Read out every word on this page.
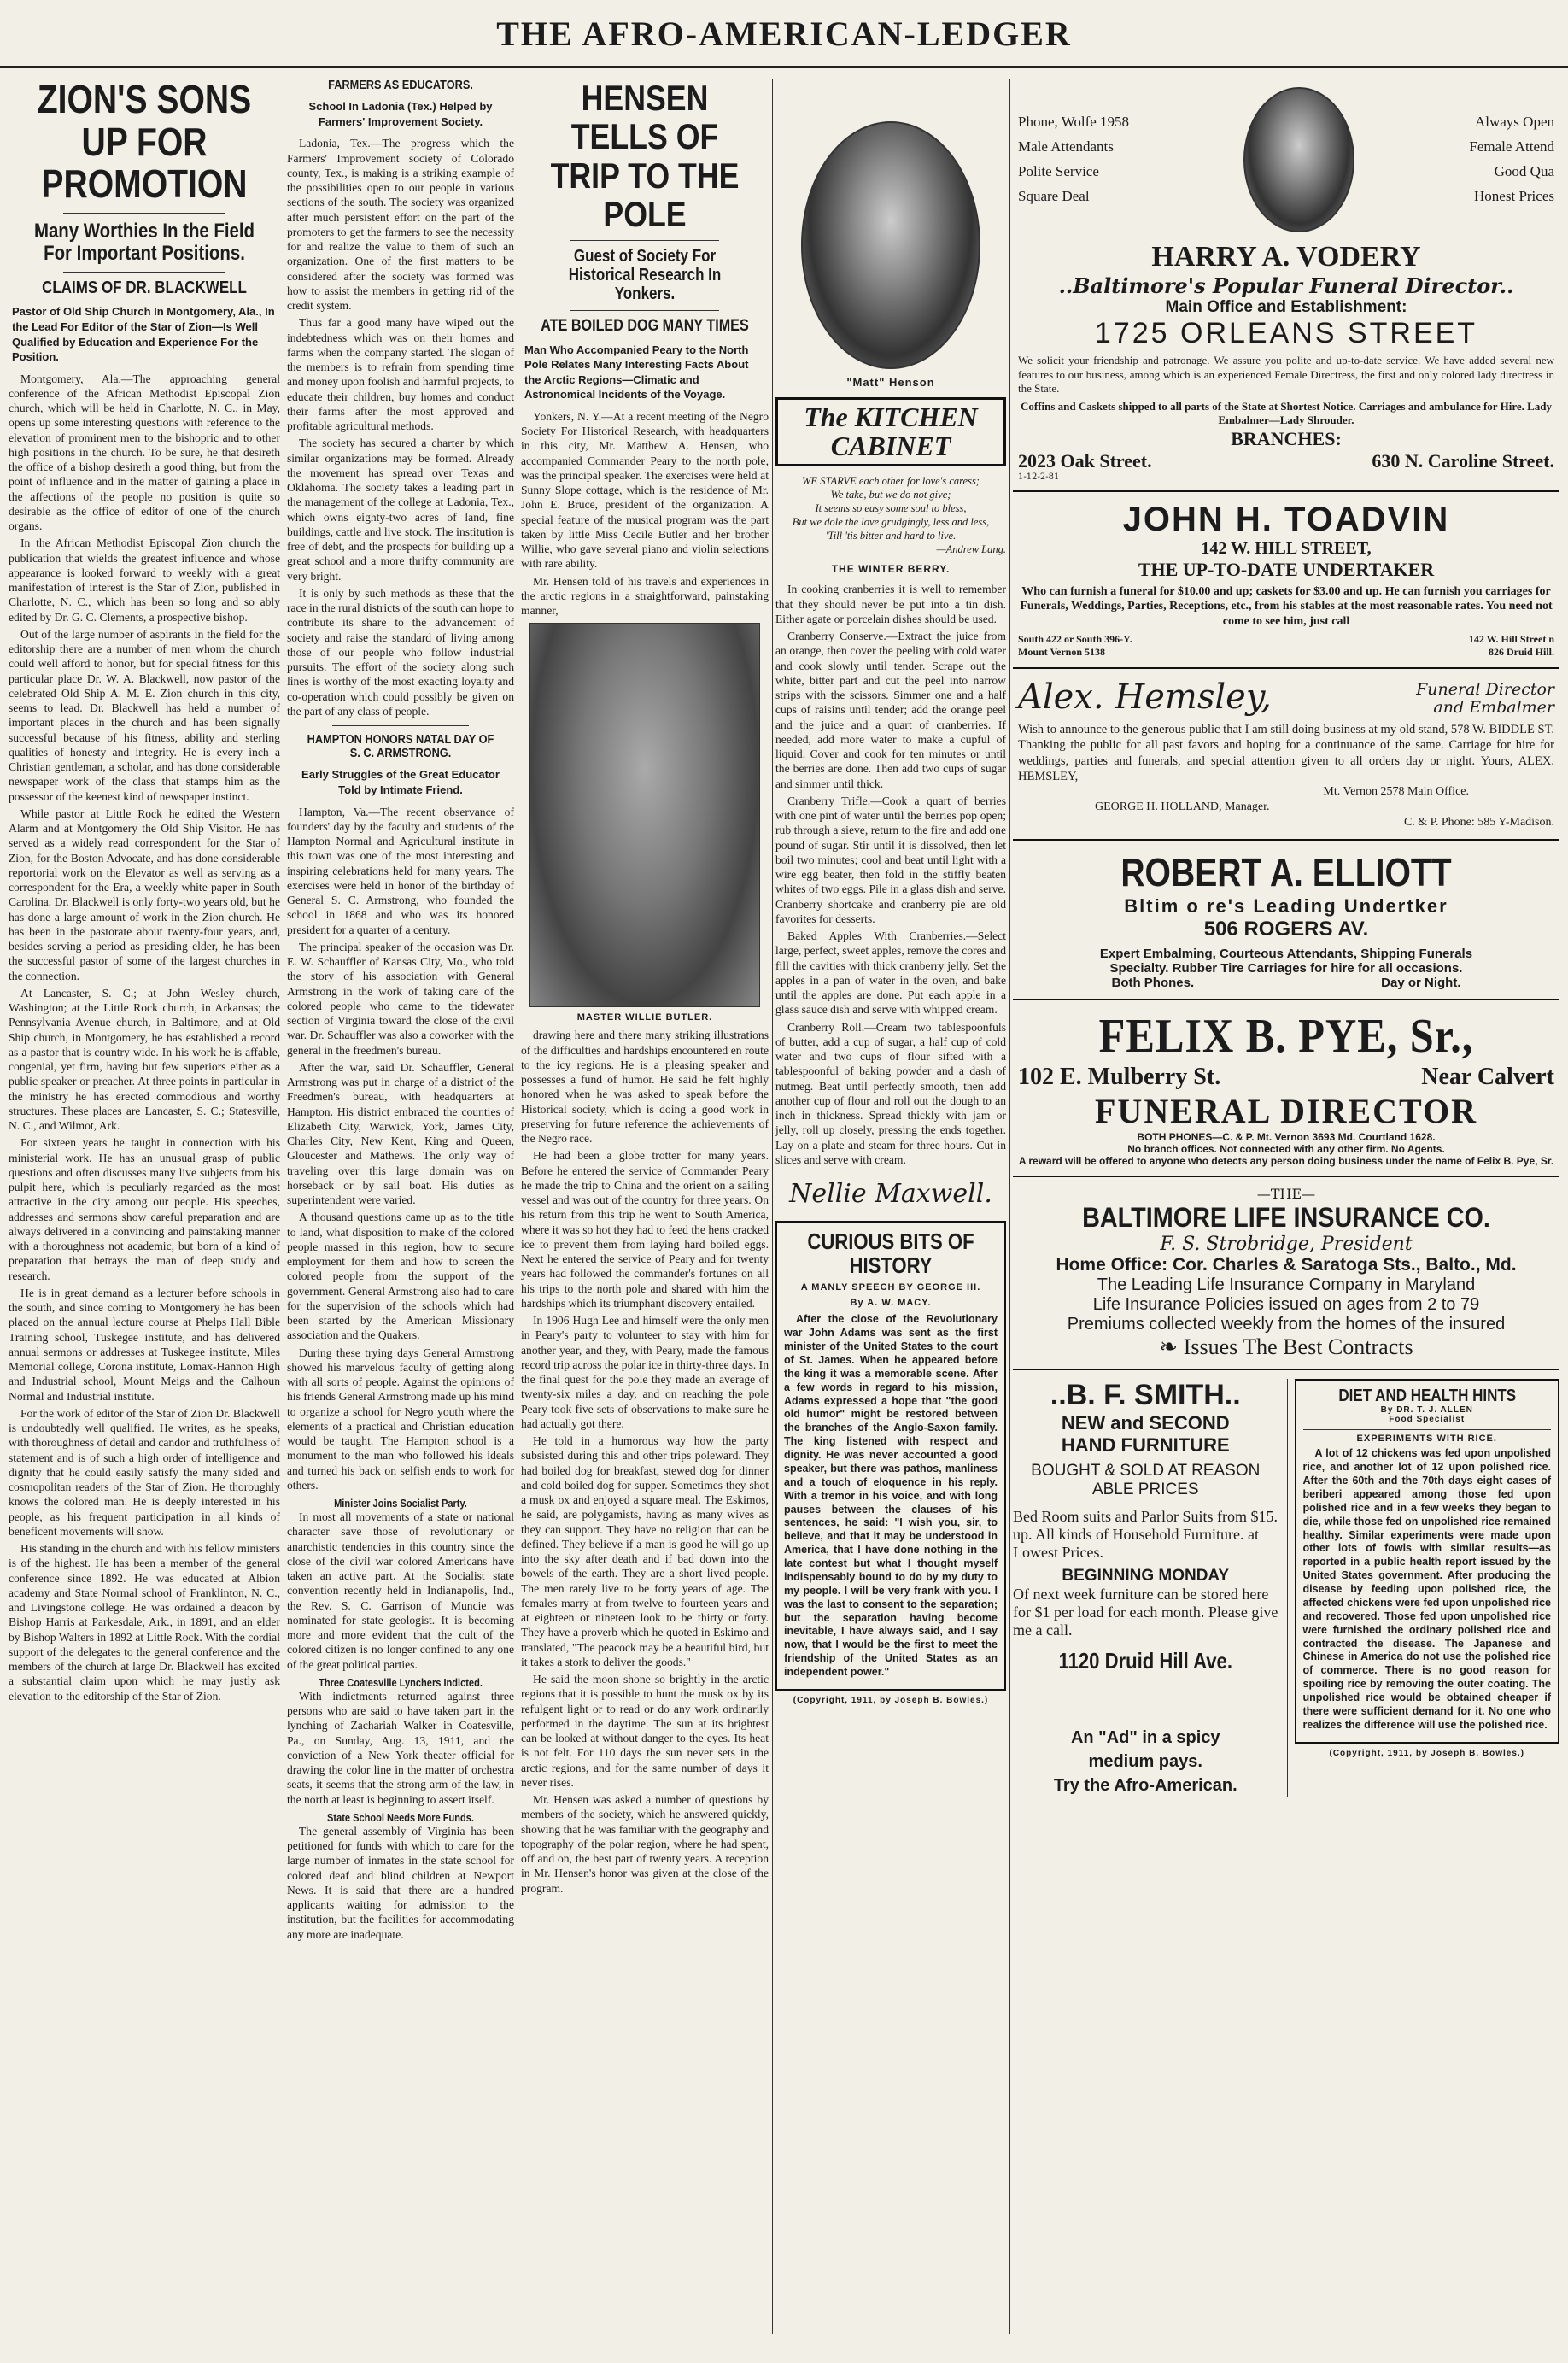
THE AFRO-AMERICAN-LEDGER
ZION'S SONS UP FOR PROMOTION
Many Worthies In the Field For Important Positions.
CLAIMS OF DR. BLACKWELL
Pastor of Old Ship Church In Montgomery, Ala., In the Lead For Editor of the Star of Zion—Is Well Qualified by Education and Experience For the Position.

Montgomery, Ala.—The approaching general conference of the African Methodist Episcopal Zion church, which will be held in Charlotte, N. C., in May, opens up some interesting questions with reference to the elevation of prominent men to the bishopric and to other high positions in the church. To be sure, he that desireth the office of a bishop desireth a good thing, but from the point of influence and in the matter of gaining a place in the affections of the people no position is quite so desirable as the office of editor of one of the church organs.

In the African Methodist Episcopal Zion church the publication that wields the greatest influence and whose appearance is looked forward to weekly with a great manifestation of interest is the Star of Zion, published in Charlotte, N. C., which has been so long and so ably edited by Dr. G. C. Clements, a prospective bishop.

Out of the large number of aspirants in the field for the editorship there are a number of men whom the church could well afford to honor, but for special fitness for this particular place Dr. W. A. Blackwell, now pastor of the celebrated Old Ship A. M. E. Zion church in this city, seems to lead. Dr. Blackwell has held a number of important places in the church and has been signally successful because of his fitness, ability and sterling qualities of honesty and integrity. He is every inch a Christian gentleman, a scholar, and has done considerable newspaper work of the class that stamps him as the possessor of the keenest kind of newspaper instinct.

While pastor at Little Rock he edited the Western Alarm and at Montgomery the Old Ship Visitor. He has served as a widely read correspondent for the Star of Zion, for the Boston Advocate, and has done considerable reportorial work on the Elevator as well as serving as a correspondent for the Era, a weekly white paper in South Carolina. Dr. Blackwell is only forty-two years old, but he has done a large amount of work in the Zion church. He has been in the pastorate about twenty-four years, and, besides serving a period as presiding elder, he has been the successful pastor of some of the largest churches in the connection.

At Lancaster, S. C.; at John Wesley church, Washington; at the Little Rock church, in Arkansas; the Pennsylvania Avenue church, in Baltimore, and at Old Ship church, in Montgomery, he has established a record as a pastor that is country wide. In his work he is affable, congenial, yet firm, having but few superiors either as a public speaker or preacher. At three points in particular in the ministry he has erected commodious and worthy structures. These places are Lancaster, S. C.; Statesville, N. C., and Wilmot, Ark.

For sixteen years he taught in connection with his ministerial work. He has an unusual grasp of public questions and often discusses many live subjects from his pulpit here, which is peculiarly regarded as the most attractive in the city among our people. His speeches, addresses and sermons show careful preparation and are always delivered in a convincing and painstaking manner with a thoroughness not academic, but born of a kind of preparation that betrays the man of deep study and research.

He is in great demand as a lecturer before schools in the south, and since coming to Montgomery he has been placed on the annual lecture course at Phelps Hall Bible Training school, Tuskegee institute, and has delivered annual sermons or addresses at Tuskegee institute, Miles Memorial college, Corona institute, Lomax-Hannon High and Industrial school, Mount Meigs and the Calhoun Normal and Industrial institute.

For the work of editor of the Star of Zion Dr. Blackwell is undoubtedly well qualified. He writes, as he speaks, with thoroughness of detail and candor and truthfulness of statement and is of such a high order of intelligence and dignity that he could easily satisfy the many sided and cosmopolitan readers of the Star of Zion. He thoroughly knows the colored man. He is deeply interested in his people, as his frequent participation in all kinds of beneficent movements will show.

His standing in the church and with his fellow ministers is of the highest. He has been a member of the general conference since 1892. He was educated at Albion academy and State Normal school of Franklinton, N. C., and Livingstone college. He was ordained a deacon by Bishop Harris at Parkesdale, Ark., in 1891, and an elder by Bishop Walters in 1892 at Little Rock. With the cordial support of the delegates to the general conference and the members of the church at large Dr. Blackwell has excited a substantial claim upon which he may justly ask elevation to the editorship of the Star of Zion.

FARMERS AS EDUCATORS.
School In Ladonia (Tex.) Helped by Farmers' Improvement Society.

Ladonia, Tex.—The progress which the Farmers' Improvement society of Colorado county, Tex., is making is a striking example of the possibilities open to our people in various sections of the south. The society was organized after much persistent effort on the part of the promoters to get the farmers to see the necessity for and realize the value to them of such an organization. One of the first matters to be considered after the society was formed was how to assist the members in getting rid of the credit system.

Thus far a good many have wiped out the indebtedness which was on their homes and farms when the company started. The slogan of the members is to refrain from spending time and money upon foolish and harmful projects, to educate their children, buy homes and conduct their farms after the most approved and profitable agricultural methods.

The society has secured a charter by which similar organizations may be formed. Already the movement has spread over Texas and Oklahoma. The society takes a leading part in the management of the college at Ladonia, Tex., which owns eighty-two acres of land, fine buildings, cattle and live stock. The institution is free of debt, and the prospects for building up a great school and a more thrifty community are very bright.

It is only by such methods as these that the race in the rural districts of the south can hope to contribute its share to the advancement of society and raise the standard of living among those of our people who follow industrial pursuits. The effort of the society along such lines is worthy of the most exacting loyalty and co-operation which could possibly be given on the part of any class of people.

HAMPTON HONORS NATAL DAY OF S. C. ARMSTRONG.
Early Struggles of the Great Educator Told by Intimate Friend.

Hampton, Va.—The recent observance of founders' day by the faculty and students of the Hampton Normal and Agricultural institute in this town was one of the most interesting and inspiring celebrations held for many years. The exercises were held in honor of the birthday of General S. C. Armstrong, who founded the school in 1868 and who was its honored president for a quarter of a century.

The principal speaker of the occasion was Dr. E. W. Schauffler of Kansas City, Mo., who told the story of his association with General Armstrong in the work of taking care of the colored people who came to the tidewater section of Virginia toward the close of the civil war. Dr. Schauffler was also a coworker with the general in the freedmen's bureau.

After the war, said Dr. Schauffler, General Armstrong was put in charge of a district of the Freedmen's bureau, with headquarters at Hampton. His district embraced the counties of Elizabeth City, Warwick, York, James City, Charles City, New Kent, King and Queen, Gloucester and Mathews. The only way of traveling over this large domain was on horseback or by sail boat. His duties as superintendent were varied.

A thousand questions came up as to the title to land, what disposition to make of the colored people massed in this region, how to secure employment for them and how to screen the colored people from the support of the government. General Armstrong also had to care for the supervision of the schools which had been started by the American Missionary association and the Quakers.

During these trying days General Armstrong showed his marvelous faculty of getting along with all sorts of people. Against the opinions of his friends General Armstrong made up his mind to organize a school for Negro youth where the elements of a practical and Christian education would be taught. The Hampton school is a monument to the man who followed his ideals and turned his back on selfish ends to work for others.

Minister Joins Socialist Party.

In most all movements of a state or national character save those of revolutionary or anarchistic tendencies in this country since the close of the civil war colored Americans have taken an active part. At the Socialist state convention recently held in Indianapolis, Ind., the Rev. S. C. Garrison of Muncie was nominated for state geologist. It is becoming more and more evident that the cult of the colored citizen is no longer confined to any one of the great political parties.

Three Coatesville Lynchers Indicted.

With indictments returned against three persons who are said to have taken part in the lynching of Zachariah Walker in Coatesville, Pa., on Sunday, Aug. 13, 1911, and the conviction of a New York theater official for drawing the color line in the matter of orchestra seats, it seems that the strong arm of the law, in the north at least is beginning to assert itself.

State School Needs More Funds.

The general assembly of Virginia has been petitioned for funds with which to care for the large number of inmates in the state school for colored deaf and blind children at Newport News. It is said that there are a hundred applicants waiting for admission to the institution, but the facilities for accommodating any more are inadequate.

HENSEN TELLS OF TRIP TO THE POLE
Guest of Society For Historical Research In Yonkers.
ATE BOILED DOG MANY TIMES
Man Who Accompanied Peary to the North Pole Relates Many Interesting Facts About the Arctic Regions—Climatic and Astronomical Incidents of the Voyage.

Yonkers, N. Y.—At a recent meeting of the Negro Society For Historical Research, with headquarters in this city, Mr. Matthew A. Hensen, who accompanied Commander Peary to the north pole, was the principal speaker. The exercises were held at Sunny Slope cottage, which is the residence of Mr. John E. Bruce, president of the organization. A special feature of the musical program was the part taken by little Miss Cecile Butler and her brother Willie, who gave several piano and violin selections with rare ability.

Mr. Hensen told of his travels and experiences in the arctic regions in a straightforward, painstaking manner,

MASTER WILLIE BUTLER.

drawing here and there many striking illustrations of the difficulties and hardships encountered en route to the icy regions. He is a pleasing speaker and possesses a fund of humor. He said he felt highly honored when he was asked to speak before the Historical society, which is doing a good work in preserving for future reference the achievements of the Negro race.

He had been a globe trotter for many years. Before he entered the service of Commander Peary he made the trip to China and the orient on a sailing vessel and was out of the country for three years. On his return from this trip he went to South America, where it was so hot they had to feed the hens cracked ice to prevent them from laying hard boiled eggs. Next he entered the service of Peary and for twenty years had followed the commander's fortunes on all his trips to the north pole and shared with him the hardships which its triumphant discovery entailed.

In 1906 Hugh Lee and himself were the only men in Peary's party to volunteer to stay with him for another year, and they, with Peary, made the famous record trip across the polar ice in thirty-three days. In the final quest for the pole they made an average of twenty-six miles a day, and on reaching the pole Peary took five sets of observations to make sure he had actually got there.

He told in a humorous way how the party subsisted during this and other trips poleward. They had boiled dog for breakfast, stewed dog for dinner and cold boiled dog for supper. Sometimes they shot a musk ox and enjoyed a square meal. The Eskimos, he said, are polygamists, having as many wives as they can support. They have no religion that can be defined. They believe if a man is good he will go up into the sky after death and if bad down into the bowels of the earth. They are a short lived people. The men rarely live to be forty years of age. The females marry at from twelve to fourteen years and at eighteen or nineteen look to be thirty or forty. They have a proverb which he quoted in Eskimo and translated, "The peacock may be a beautiful bird, but it takes a stork to deliver the goods."

He said the moon shone so brightly in the arctic regions that it is possible to hunt the musk ox by its refulgent light or to read or do any work ordinarily performed in the daytime. The sun at its brightest can be looked at without danger to the eyes. Its heat is not felt. For 110 days the sun never sets in the arctic regions, and for the same number of days it never rises.

Mr. Hensen was asked a number of questions by members of the society, which he answered quickly, showing that he was familiar with the geography and topography of the polar region, where he had spent, off and on, the best part of twenty years. A reception in Mr. Hensen's honor was given at the close of the program.

"Matt" Henson
The KITCHEN
CABINET
WE STARVE each other for love's caress;
We take, but we do not give;
It seems so easy some soul to bless,
But we dole the love grudgingly, less and less,
'Till 'tis bitter and hard to live.
—Andrew Lang.
THE WINTER BERRY.

In cooking cranberries it is well to remember that they should never be put into a tin dish. Either agate or porcelain dishes should be used.

Cranberry Conserve.—Extract the juice from an orange, then cover the peeling with cold water and cook slowly until tender. Scrape out the white, bitter part and cut the peel into narrow strips with the scissors. Simmer one and a half cups of raisins until tender; add the orange peel and the juice and a quart of cranberries. If needed, add more water to make a cupful of liquid. Cover and cook for ten minutes or until the berries are done. Then add two cups of sugar and simmer until thick.

Cranberry Trifle.—Cook a quart of berries with one pint of water until the berries pop open; rub through a sieve, return to the fire and add one pound of sugar. Stir until it is dissolved, then let boil two minutes; cool and beat until light with a wire egg beater, then fold in the stiffly beaten whites of two eggs. Pile in a glass dish and serve. Cranberry shortcake and cranberry pie are old favorites for desserts.

Baked Apples With Cranberries.—Select large, perfect, sweet apples, remove the cores and fill the cavities with thick cranberry jelly. Set the apples in a pan of water in the oven, and bake until the apples are done. Put each apple in a glass sauce dish and serve with whipped cream.

Cranberry Roll.—Cream two tablespoonfuls of butter, add a cup of sugar, a half cup of cold water and two cups of flour sifted with a tablespoonful of baking powder and a dash of nutmeg. Beat until perfectly smooth, then add another cup of flour and roll out the dough to an inch in thickness. Spread thickly with jam or jelly, roll up closely, pressing the ends together. Lay on a plate and steam for three hours. Cut in slices and serve with cream.

Nellie Maxwell.
CURIOUS BITS OF HISTORY
A MANLY SPEECH BY GEORGE III.
By A. W. MACY.

After the close of the Revolutionary war John Adams was sent as the first minister of the United States to the court of St. James. When he appeared before the king it was a memorable scene. After a few words in regard to his mission, Adams expressed a hope that "the good old humor" might be restored between the branches of the Anglo-Saxon family. The king listened with respect and dignity. He was never accounted a good speaker, but there was pathos, manliness and a touch of eloquence in his reply. With a tremor in his voice, and with long pauses between the clauses of his sentences, he said: "I wish you, sir, to believe, and that it may be understood in America, that I have done nothing in the late contest but what I thought myself indispensably bound to do by my duty to my people. I will be very frank with you. I was the last to consent to the separation; but the separation having become inevitable, I have always said, and I say now, that I would be the first to meet the friendship of the United States as an independent power."

(Copyright, 1911, by Joseph B. Bowles.)
Phone, Wolfe 1958
Male Attendants
Polite Service
Square Deal
Always Open
Female Attend
Good Qua
Honest Prices
HARRY A. VODERY
..Baltimore's Popular Funeral Director..
Main Office and Establishment:
1725 ORLEANS STREET
We solicit your friendship and patronage. We assure you polite and up-to-date service. We have added several new features to our business, among which is an experienced Female Directress, the first and only colored lady directress in the State.
Coffins and Caskets shipped to all parts of the State at Shortest Notice. Carriages and ambulance for Hire. Lady Embalmer—Lady Shrouder.
BRANCHES:
2023 Oak Street.	630 N. Caroline Street.
1-12-2-81
JOHN H. TOADVIN
142 W. HILL STREET,
THE UP-TO-DATE UNDERTAKER
Who can furnish a funeral for $10.00 and up; caskets for $3.00 and up. He can furnish you carriages for Funerals, Weddings, Parties, Receptions, etc., from his stables at the most reasonable rates. You need not come to see him, just call
South 422 or South 396-Y.
Mount Vernon 5138
142 W. Hill Street n
826 Druid Hill.
Alex. Hemsley,	Funeral Director
and Embalmer
Wish to announce to the generous public that I am still doing business at my old stand, 578 W. BIDDLE ST. Thanking the public for all past favors and hoping for a continuance of the same. Carriage for hire for weddings, parties and funerals, and special attention given to all orders day or night. Yours, ALEX. HEMSLEY,
Mt. Vernon 2578 Main Office.
GEORGE H. HOLLAND, Manager.
C. & P. Phone: 585 Y-Madison.
ROBERT A. ELLIOTT
Bltim o re's Leading Undertker
506 ROGERS AV.
Expert Embalming, Courteous Attendants, Shipping Funerals
Specialty. Rubber Tire Carriages for hire for all occasions.
Both Phones.	Day or Night.
FELIX B. PYE, Sr.,
102 E. Mulberry St.	Near Calvert
FUNERAL DIRECTOR
BOTH PHONES—C. & P. Mt. Vernon 3693 Md. Courtland 1628.
No branch offices. Not connected with any other firm. No Agents.
A reward will be offered to anyone who detects any person doing business under the name of Felix B. Pye, Sr.
—THE—
BALTIMORE LIFE INSURANCE CO.
F. S. Strobridge, President
Home Office: Cor. Charles & Saratoga Sts., Balto., Md.
The Leading Life Insurance Company in Maryland
Life Insurance Policies issued on ages from 2 to 79
Premiums collected weekly from the homes of the insured
❧ Issues The Best Contracts
..B. F. SMITH..
NEW and SECOND
HAND FURNITURE
BOUGHT & SOLD AT REASON
ABLE PRICES
Bed Room suits and Parlor Suits from $15. up. All kinds of Household Furniture. at Lowest Prices.
BEGINNING MONDAY
Of next week furniture can be stored here for $1 per load for each month. Please give me a call.
1120 Druid Hill Ave.
An "Ad" in a spicy
medium pays.
Try the Afro-American.
DIET AND HEALTH HINTS
By DR. T. J. ALLEN
Food Specialist
EXPERIMENTS WITH RICE.

A lot of 12 chickens was fed upon unpolished rice, and another lot of 12 upon polished rice. After the 60th and the 70th days eight cases of beriberi appeared among those fed upon polished rice and in a few weeks they began to die, while those fed on unpolished rice remained healthy. Similar experiments were made upon other lots of fowls with similar results—as reported in a public health report issued by the United States government. After producing the disease by feeding upon polished rice, the affected chickens were fed upon unpolished rice and recovered. Those fed upon unpolished rice were furnished the ordinary polished rice and contracted the disease. The Japanese and Chinese in America do not use the polished rice of commerce. There is no good reason for spoiling rice by removing the outer coating. The unpolished rice would be obtained cheaper if there were sufficient demand for it. No one who realizes the difference will use the polished rice.

(Copyright, 1911, by Joseph B. Bowles.)
